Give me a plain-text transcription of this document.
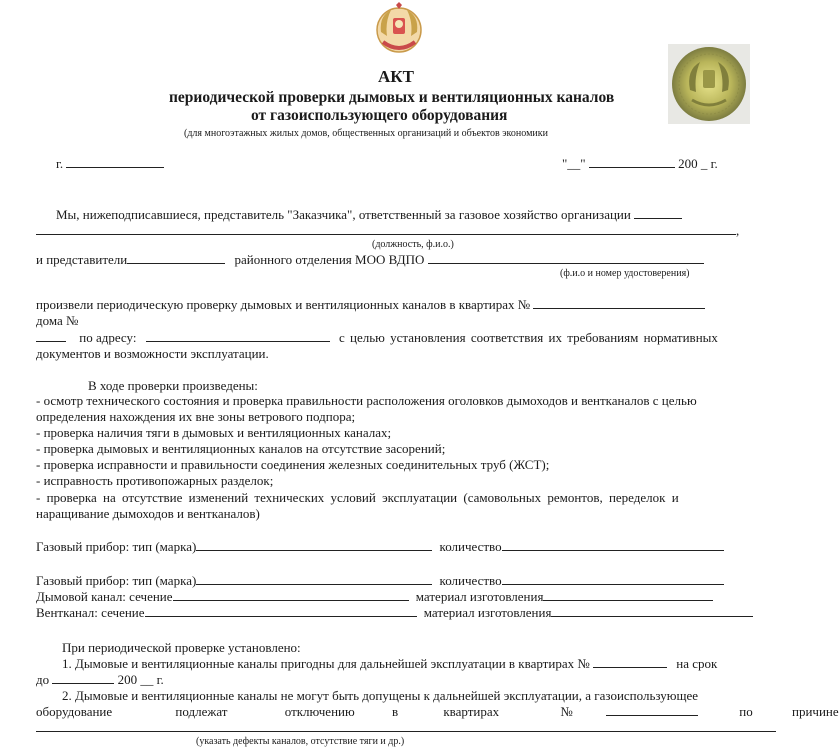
АКТ
периодической проверки дымовых и вентиляционных каналов
от газоиспользующего оборудования
(для многоэтажных жилых домов, общественных организаций и объектов экономики
г.	"__"	200 _ г.
Мы, нижеподписавшиеся, представитель "Заказчика", ответственный за газовое хозяйство организации
,
(должность, ф.и.о.)
и представители	районного отделения МОО ВДПО
(ф.и.о и номер удостоверения)
произвели периодическую проверку дымовых и вентиляционных каналов в квартирах №
дома №
по адресу:	с целью установления соответствия их требованиям нормативных
документов и возможности эксплуатации.
В ходе проверки произведены:
- осмотр технического состояния и проверка правильности расположения оголовков дымоходов и вентканалов с целью
определения нахождения их вне зоны ветрового подпора;
- проверка наличия тяги в дымовых и вентиляционных каналах;
- проверка дымовых и вентиляционных каналов на отсутствие засорений;
- проверка исправности и правильности соединения железных соединительных труб (ЖСТ);
- исправность противопожарных разделок;
- проверка на отсутствие изменений технических условий эксплуатации (самовольных ремонтов, переделок и
наращивание дымоходов и вентканалов)
Газовый прибор: тип (марка)	количество
Газовый прибор: тип (марка)	количество
Дымовой канал: сечение	материал изготовления
Вентканал: сечение	материал изготовления
При периодической проверке установлено:
1. Дымовые и вентиляционные каналы пригодны для дальнейшей эксплуатации в квартирах №	на срок
до	200 __ г.
2. Дымовые и вентиляционные каналы не могут быть допущены к дальнейшей эксплуатации, а газоиспользующее
оборудование	подлежат	отключению	в	квартирах	№	по	причине
(указать дефекты каналов, отсутствие тяги и др.)
